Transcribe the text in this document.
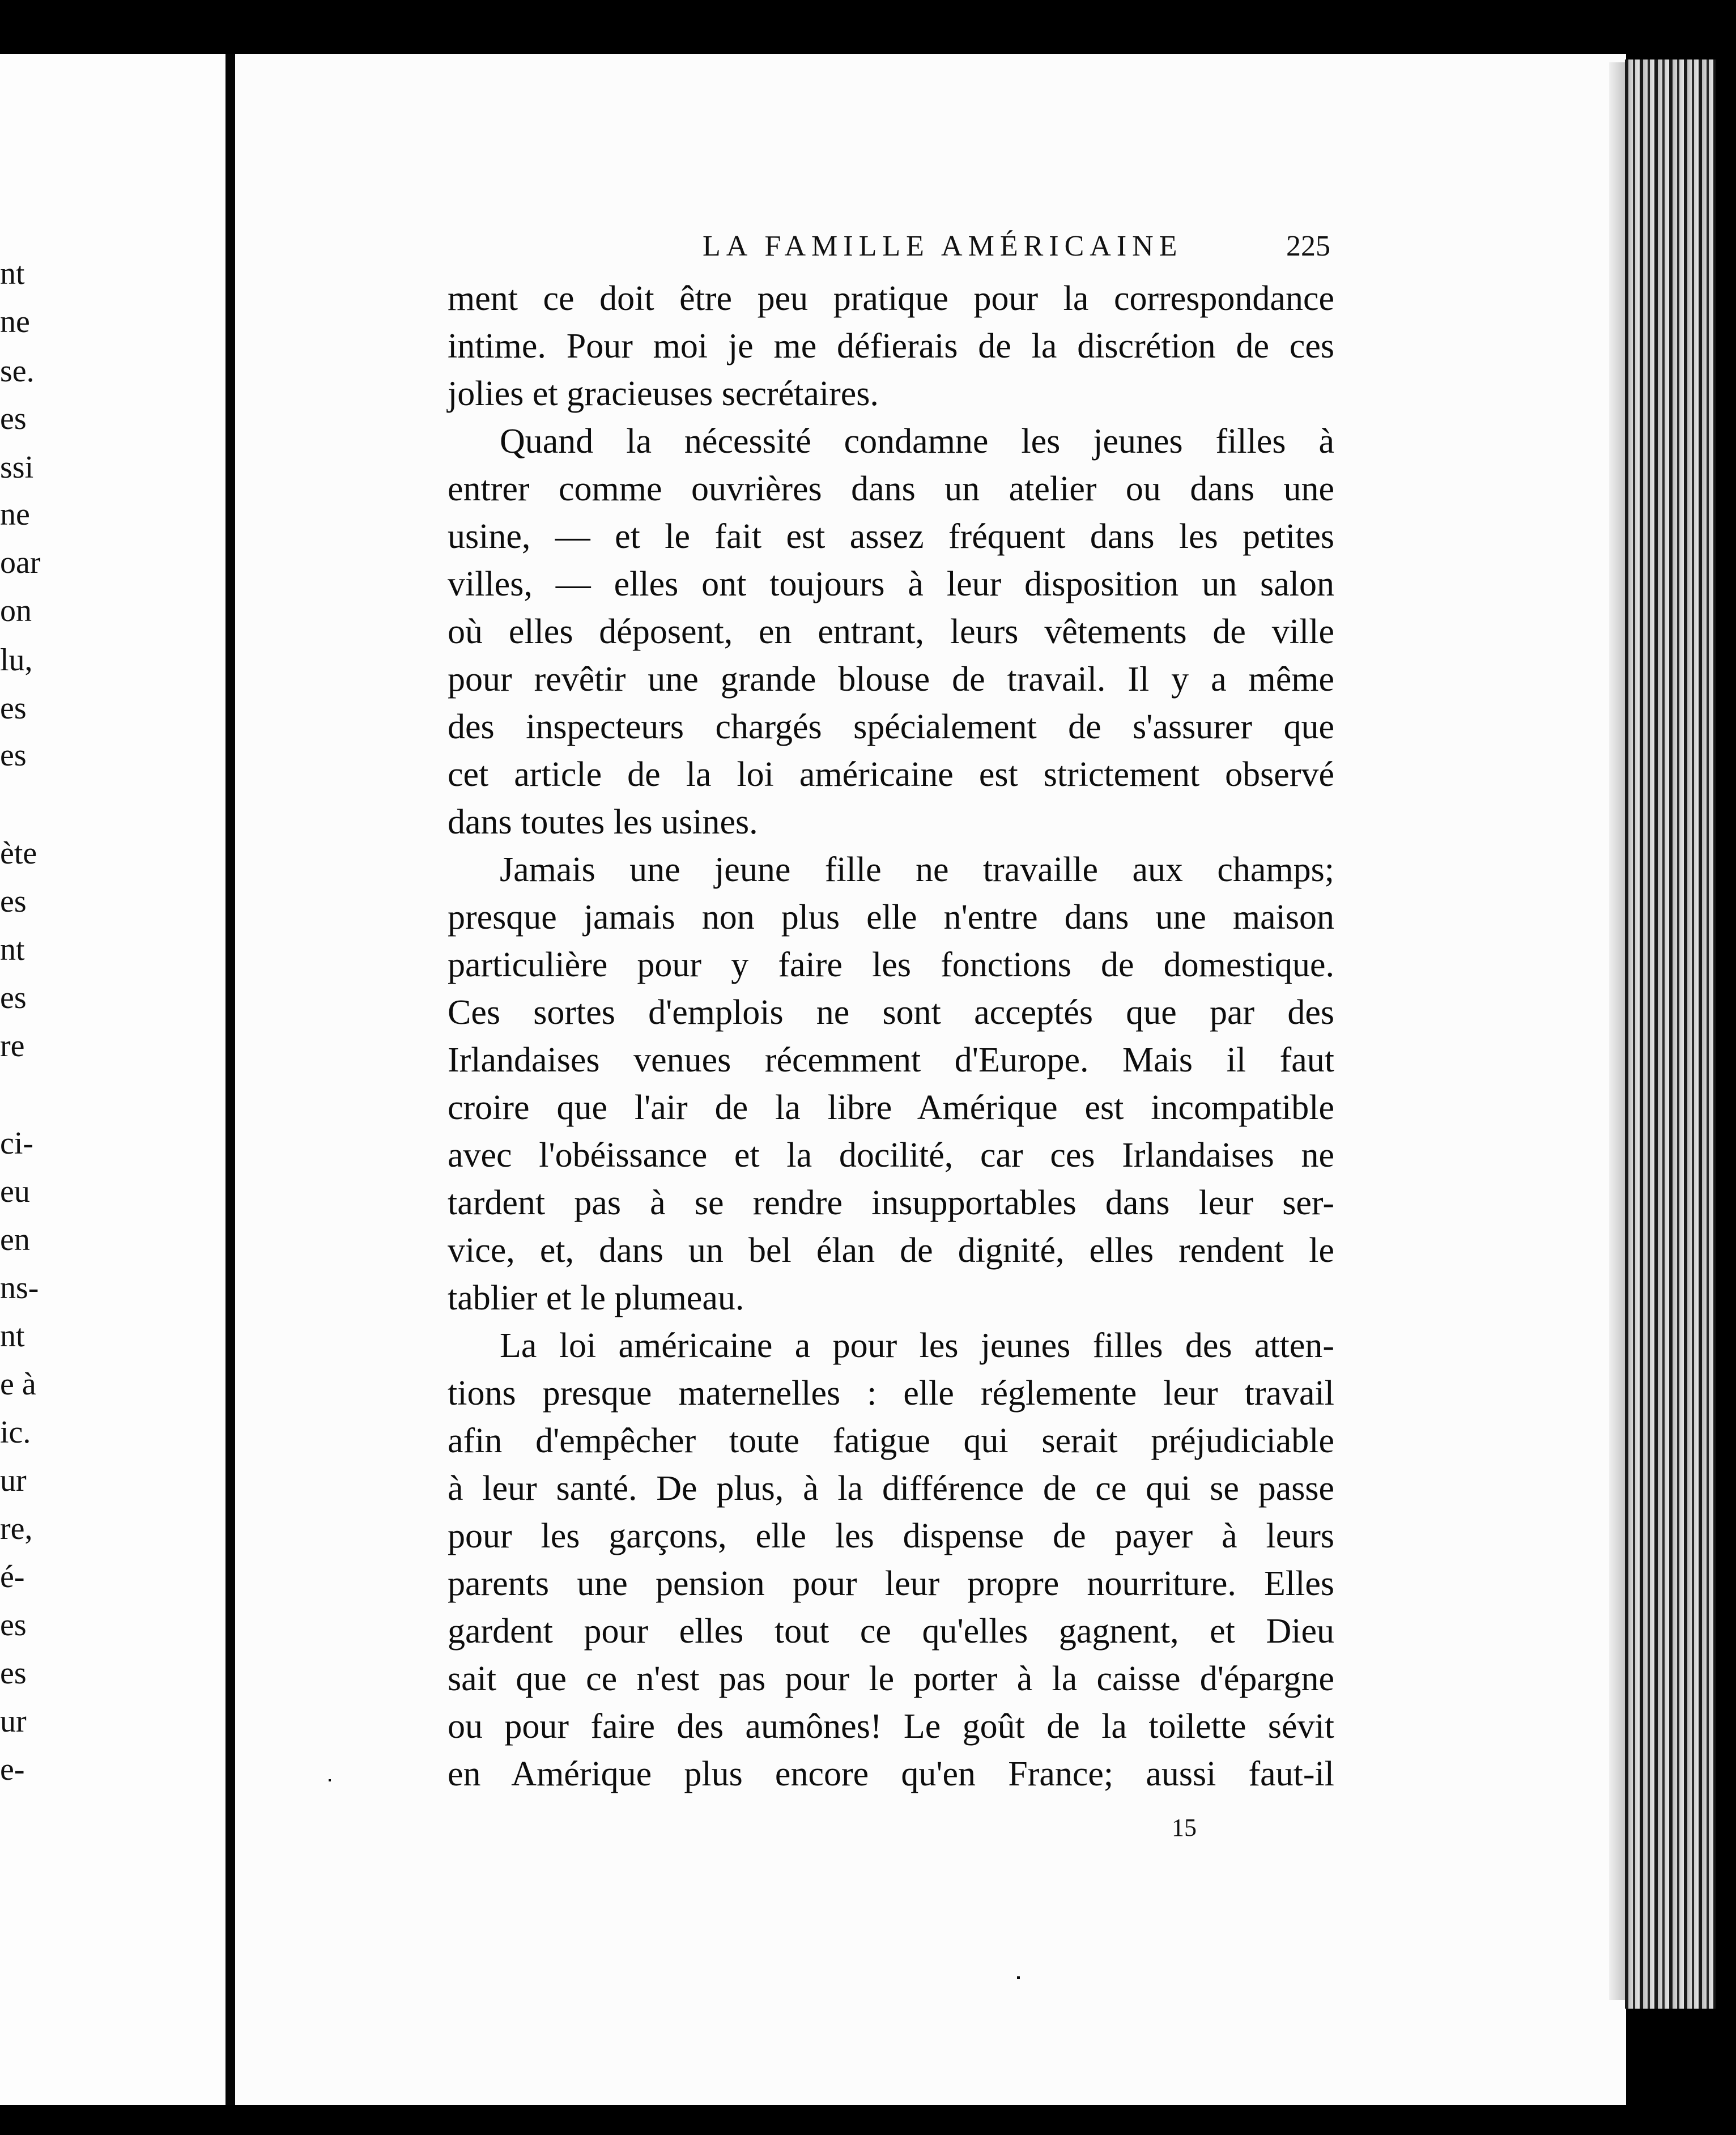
nt
ne
se.
es
ssi
ne
oar
on
lu,
es
es
ète
es
nt
es
re
ci-
eu
en
ns-
nt
e à
ic.
ur
re,
é-
es
es
ur
e-
LA FAMILLE AMÉRICAINE	225
ment ce doit être peu pratique pour la correspondance
intime. Pour moi je me défierais de la discrétion de ces
jolies et gracieuses secrétaires.
Quand la nécessité condamne les jeunes filles à
entrer comme ouvrières dans un atelier ou dans une
usine, — et le fait est assez fréquent dans les petites
villes, — elles ont toujours à leur disposition un salon
où elles déposent, en entrant, leurs vêtements de ville
pour revêtir une grande blouse de travail. Il y a même
des inspecteurs chargés spécialement de s'assurer que
cet article de la loi américaine est strictement observé
dans toutes les usines.
Jamais une jeune fille ne travaille aux champs;
presque jamais non plus elle n'entre dans une maison
particulière pour y faire les fonctions de domestique.
Ces sortes d'emplois ne sont acceptés que par des
Irlandaises venues récemment d'Europe. Mais il faut
croire que l'air de la libre Amérique est incompatible
avec l'obéissance et la docilité, car ces Irlandaises ne
tardent pas à se rendre insupportables dans leur ser-
vice, et, dans un bel élan de dignité, elles rendent le
tablier et le plumeau.
La loi américaine a pour les jeunes filles des atten-
tions presque maternelles : elle réglemente leur travail
afin d'empêcher toute fatigue qui serait préjudiciable
à leur santé. De plus, à la différence de ce qui se passe
pour les garçons, elle les dispense de payer à leurs
parents une pension pour leur propre nourriture. Elles
gardent pour elles tout ce qu'elles gagnent, et Dieu
sait que ce n'est pas pour le porter à la caisse d'épargne
ou pour faire des aumônes! Le goût de la toilette sévit
en Amérique plus encore qu'en France; aussi faut-il
15
